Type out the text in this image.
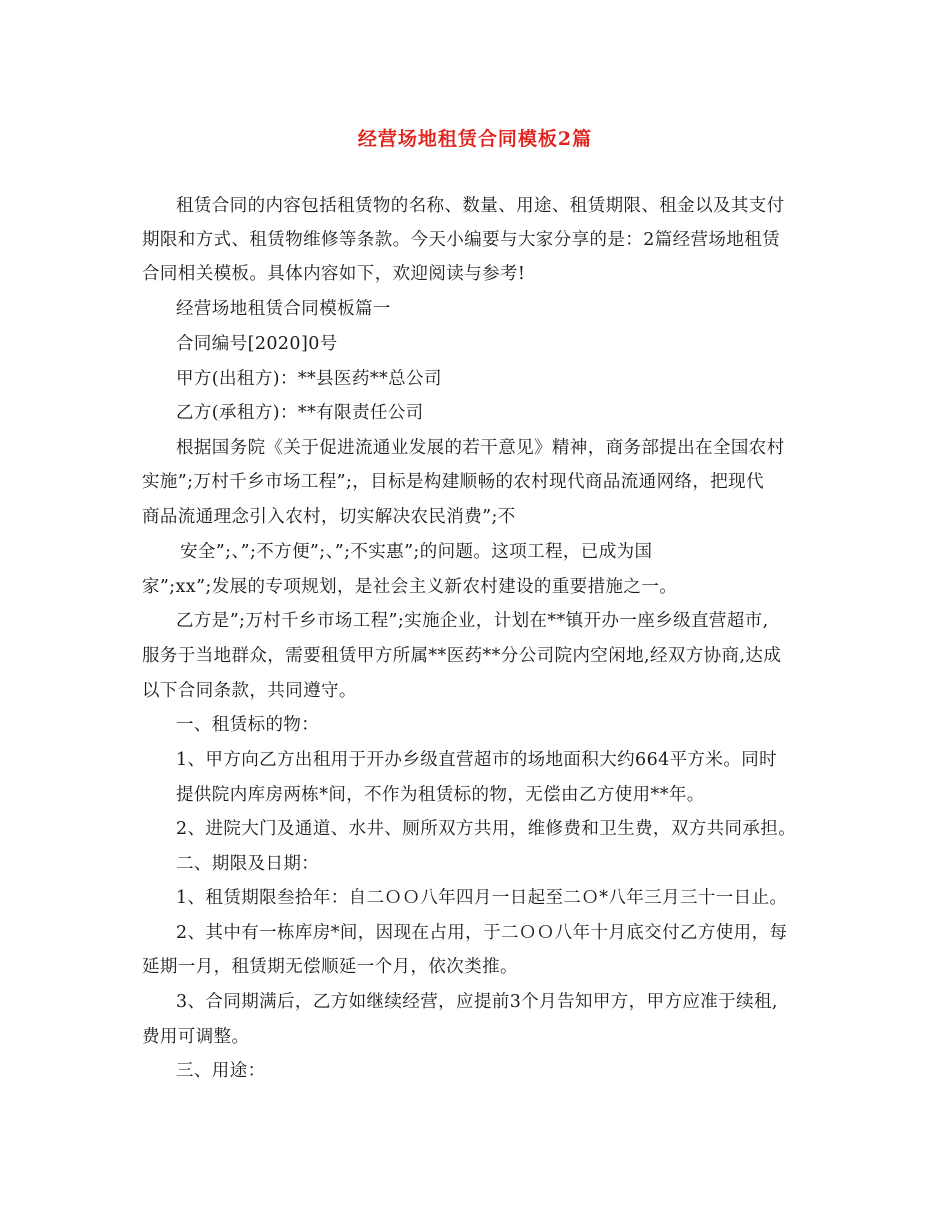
经营场地租赁合同模板2篇
租赁合同的内容包括租赁物的名称、数量、用途、租赁期限、租金以及其支付
期限和方式、租赁物维修等条款。今天小编要与大家分享的是：2篇经营场地租赁
合同相关模板。具体内容如下，欢迎阅读与参考!
经营场地租赁合同模板篇一
合同编号[2020]0号
甲方(出租方)：**县医药**总公司
乙方(承租方)：**有限责任公司
根据国务院《关于促进流通业发展的若干意见》精神，商务部提出在全国农村
实施”;万村千乡市场工程”;，目标是构建顺畅的农村现代商品流通网络，把现代
商品流通理念引入农村，切实解决农民消费”;不
安全”;、”;不方便”;、”;不实惠”;的问题。这项工程，已成为国
家”;xx”;发展的专项规划，是社会主义新农村建设的重要措施之一。
乙方是”;万村千乡市场工程”;实施企业，计划在**镇开办一座乡级直营超市,
服务于当地群众，需要租赁甲方所属**医药**分公司院内空闲地,经双方协商,达成
以下合同条款，共同遵守。
一、租赁标的物：
1、甲方向乙方出租用于开办乡级直营超市的场地面积大约664平方米。同时
提供院内库房两栋*间，不作为租赁标的物，无偿由乙方使用**年。
2、进院大门及通道、水井、厕所双方共用，维修费和卫生费，双方共同承担。
二、期限及日期：
1、租赁期限叁拾年：自二ＯＯ八年四月一日起至二Ｏ*八年三月三十一日止。
2、其中有一栋库房*间，因现在占用，于二ＯＯ八年十月底交付乙方使用，每
延期一月，租赁期无偿顺延一个月，依次类推。
3、合同期满后，乙方如继续经营，应提前3个月告知甲方，甲方应准于续租,
费用可调整。
三、用途：
